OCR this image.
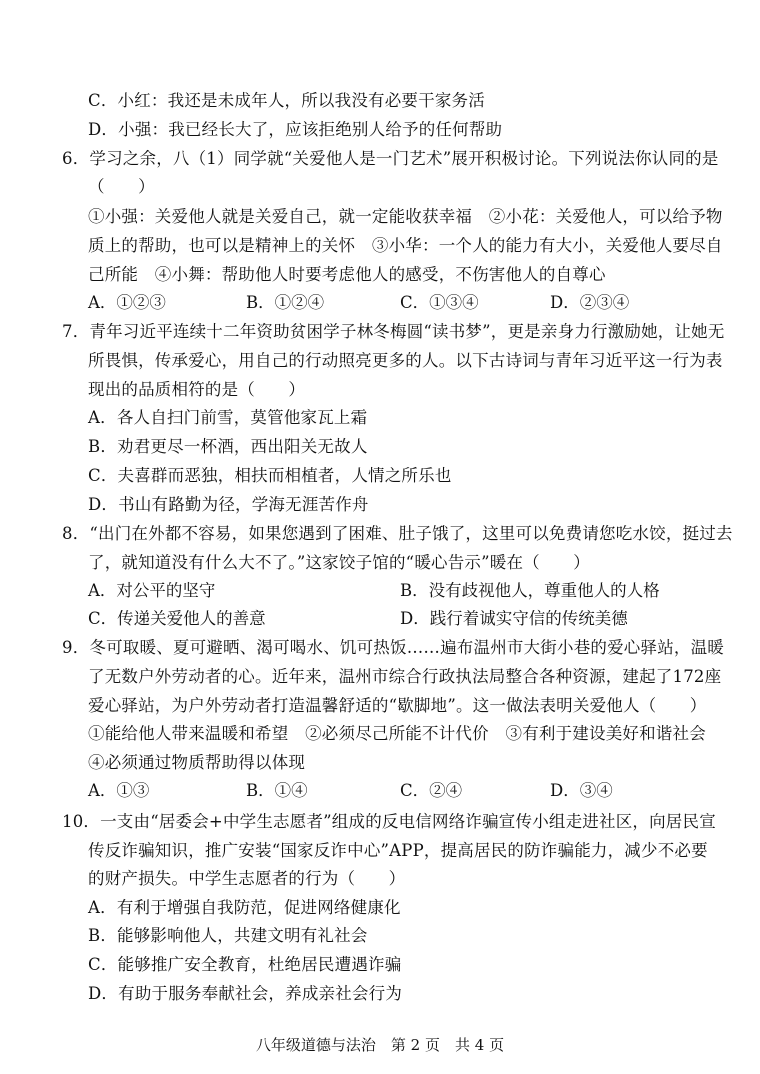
C．小红：我还是未成年人，所以我没有必要干家务活
D．小强：我已经长大了，应该拒绝别人给予的任何帮助
6．学习之余，八（1）同学就“关爱他人是一门艺术”展开积极讨论。下列说法你认同的是
（　　）
①小强：关爱他人就是关爱自己，就一定能收获幸福　②小花：关爱他人，可以给予物
质上的帮助，也可以是精神上的关怀　③小华：一个人的能力有大小，关爱他人要尽自
己所能　④小舞：帮助他人时要考虑他人的感受，不伤害他人的自尊心
A．①②③	B．①②④	C．①③④	D．②③④
7．青年习近平连续十二年资助贫困学子林冬梅圆“读书梦”，更是亲身力行激励她，让她无
所畏惧，传承爱心，用自己的行动照亮更多的人。以下古诗词与青年习近平这一行为表
现出的品质相符的是（　　）
A．各人自扫门前雪，莫管他家瓦上霜
B．劝君更尽一杯酒，西出阳关无故人
C．夫喜群而恶独，相扶而相植者，人情之所乐也
D．书山有路勤为径，学海无涯苦作舟
8．“出门在外都不容易，如果您遇到了困难、肚子饿了，这里可以免费请您吃水饺，挺过去
了，就知道没有什么大不了。”这家饺子馆的“暖心告示”暖在（　　）
A．对公平的坚守	B．没有歧视他人，尊重他人的人格
C．传递关爱他人的善意	D．践行着诚实守信的传统美德
9．冬可取暖、夏可避晒、渴可喝水、饥可热饭……遍布温州市大街小巷的爱心驿站，温暖
了无数户外劳动者的心。近年来，温州市综合行政执法局整合各种资源，建起了172座
爱心驿站，为户外劳动者打造温馨舒适的“歇脚地”。这一做法表明关爱他人（　　）
①能给他人带来温暖和希望　②必须尽己所能不计代价　③有利于建设美好和谐社会
④必须通过物质帮助得以体现
A．①③	B．①④	C．②④	D．③④
10．一支由“居委会+中学生志愿者”组成的反电信网络诈骗宣传小组走进社区，向居民宣
传反诈骗知识，推广安装“国家反诈中心”APP，提高居民的防诈骗能力，减少不必要
的财产损失。中学生志愿者的行为（　　）
A．有利于增强自我防范，促进网络健康化
B．能够影响他人，共建文明有礼社会
C．能够推广安全教育，杜绝居民遭遇诈骗
D．有助于服务奉献社会，养成亲社会行为
八年级道德与法治　第 2 页　共 4 页
